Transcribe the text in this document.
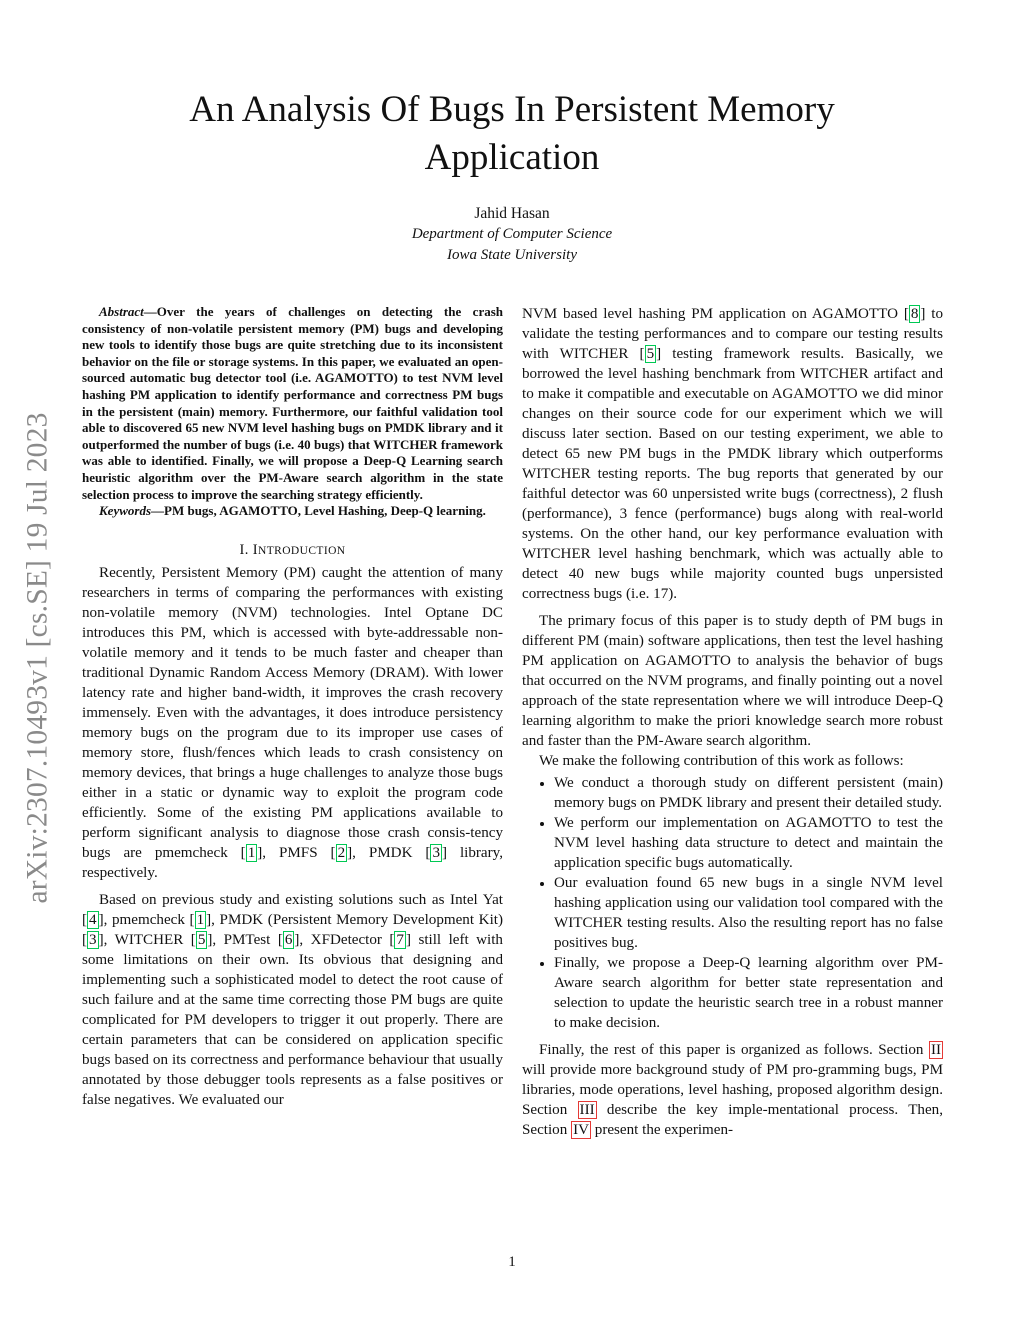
arXiv:2307.10493v1 [cs.SE] 19 Jul 2023
An Analysis Of Bugs In Persistent Memory Application
Jahid Hasan
Department of Computer Science
Iowa State University

Abstract—Over the years of challenges on detecting the crash consistency of non-volatile persistent memory (PM) bugs and developing new tools to identify those bugs are quite stretching due to its inconsistent behavior on the file or storage systems. In this paper, we evaluated an open-sourced automatic bug detector tool (i.e. AGAMOTTO) to test NVM level hashing PM application to identify performance and correctness PM bugs in the persistent (main) memory. Furthermore, our faithful validation tool able to discovered 65 new NVM level hashing bugs on PMDK library and it outperformed the number of bugs (i.e. 40 bugs) that WITCHER framework was able to identified. Finally, we will propose a Deep-Q Learning search heuristic algorithm over the PM-Aware search algorithm in the state selection process to improve the searching strategy efficiently.

Keywords—PM bugs, AGAMOTTO, Level Hashing, Deep-Q learning.

I. INTRODUCTION

Recently, Persistent Memory (PM) caught the attention of many researchers in terms of comparing the performances with existing non-volatile memory (NVM) technologies. Intel Optane DC introduces this PM, which is accessed with byte-addressable non-volatile memory and it tends to be much faster and cheaper than traditional Dynamic Random Access Memory (DRAM). With lower latency rate and higher band-width, it improves the crash recovery immensely. Even with the advantages, it does introduce persistency memory bugs on the program due to its improper use cases of memory store, flush/fences which leads to crash consistency on memory devices, that brings a huge challenges to analyze those bugs either in a static or dynamic way to exploit the program code efficiently. Some of the existing PM applications available to perform significant analysis to diagnose those crash consis-tency bugs are pmemcheck [ 1 ], PMFS [ 2 ], PMDK [ 3 ] library, respectively.

Based on previous study and existing solutions such as Intel Yat [ 4 ], pmemcheck [ 1 ], PMDK (Persistent Memory Development Kit) [ 3 ], WITCHER [ 5 ], PMTest [ 6 ], XFDetector [ 7 ] still left with some limitations on their own. Its obvious that designing and implementing such a sophisticated model to detect the root cause of such failure and at the same time correcting those PM bugs are quite complicated for PM developers to trigger it out properly. There are certain parameters that can be considered on application specific bugs based on its correctness and performance behaviour that usually annotated by those debugger tools represents as a false positives or false negatives. We evaluated our

NVM based level hashing PM application on AGAMOTTO [ 8 ] to validate the testing performances and to compare our testing results with WITCHER [ 5 ] testing framework results. Basically, we borrowed the level hashing benchmark from WITCHER artifact and to make it compatible and executable on AGAMOTTO we did minor changes on their source code for our experiment which we will discuss later section. Based on our testing experiment, we able to detect 65 new PM bugs in the PMDK library which outperforms WITCHER testing reports. The bug reports that generated by our faithful detector was 60 unpersisted write bugs (correctness), 2 flush (performance), 3 fence (performance) bugs along with real-world systems. On the other hand, our key performance evaluation with WITCHER level hashing benchmark, which was actually able to detect 40 new bugs while majority counted bugs unpersisted correctness bugs (i.e. 17).

The primary focus of this paper is to study depth of PM bugs in different PM (main) software applications, then test the level hashing PM application on AGAMOTTO to analysis the behavior of bugs that occurred on the NVM programs, and finally pointing out a novel approach of the state representation where we will introduce Deep-Q learning algorithm to make the priori knowledge search more robust and faster than the PM-Aware search algorithm.

We make the following contribution of this work as follows:

• We conduct a thorough study on different persistent (main) memory bugs on PMDK library and present their detailed study.
• We perform our implementation on AGAMOTTO to test the NVM level hashing data structure to detect and maintain the application specific bugs automatically.
• Our evaluation found 65 new bugs in a single NVM level hashing application using our validation tool compared with the WITCHER testing results. Also the resulting report has no false positives bug.
• Finally, we propose a Deep-Q learning algorithm over PM-Aware search algorithm for better state representation and selection to update the heuristic search tree in a robust manner to make decision.

Finally, the rest of this paper is organized as follows. Section II will provide more background study of PM pro-gramming bugs, PM libraries, mode operations, level hashing, proposed algorithm design. Section III describe the key imple-mentational process. Then, Section IV present the experimen-

1
